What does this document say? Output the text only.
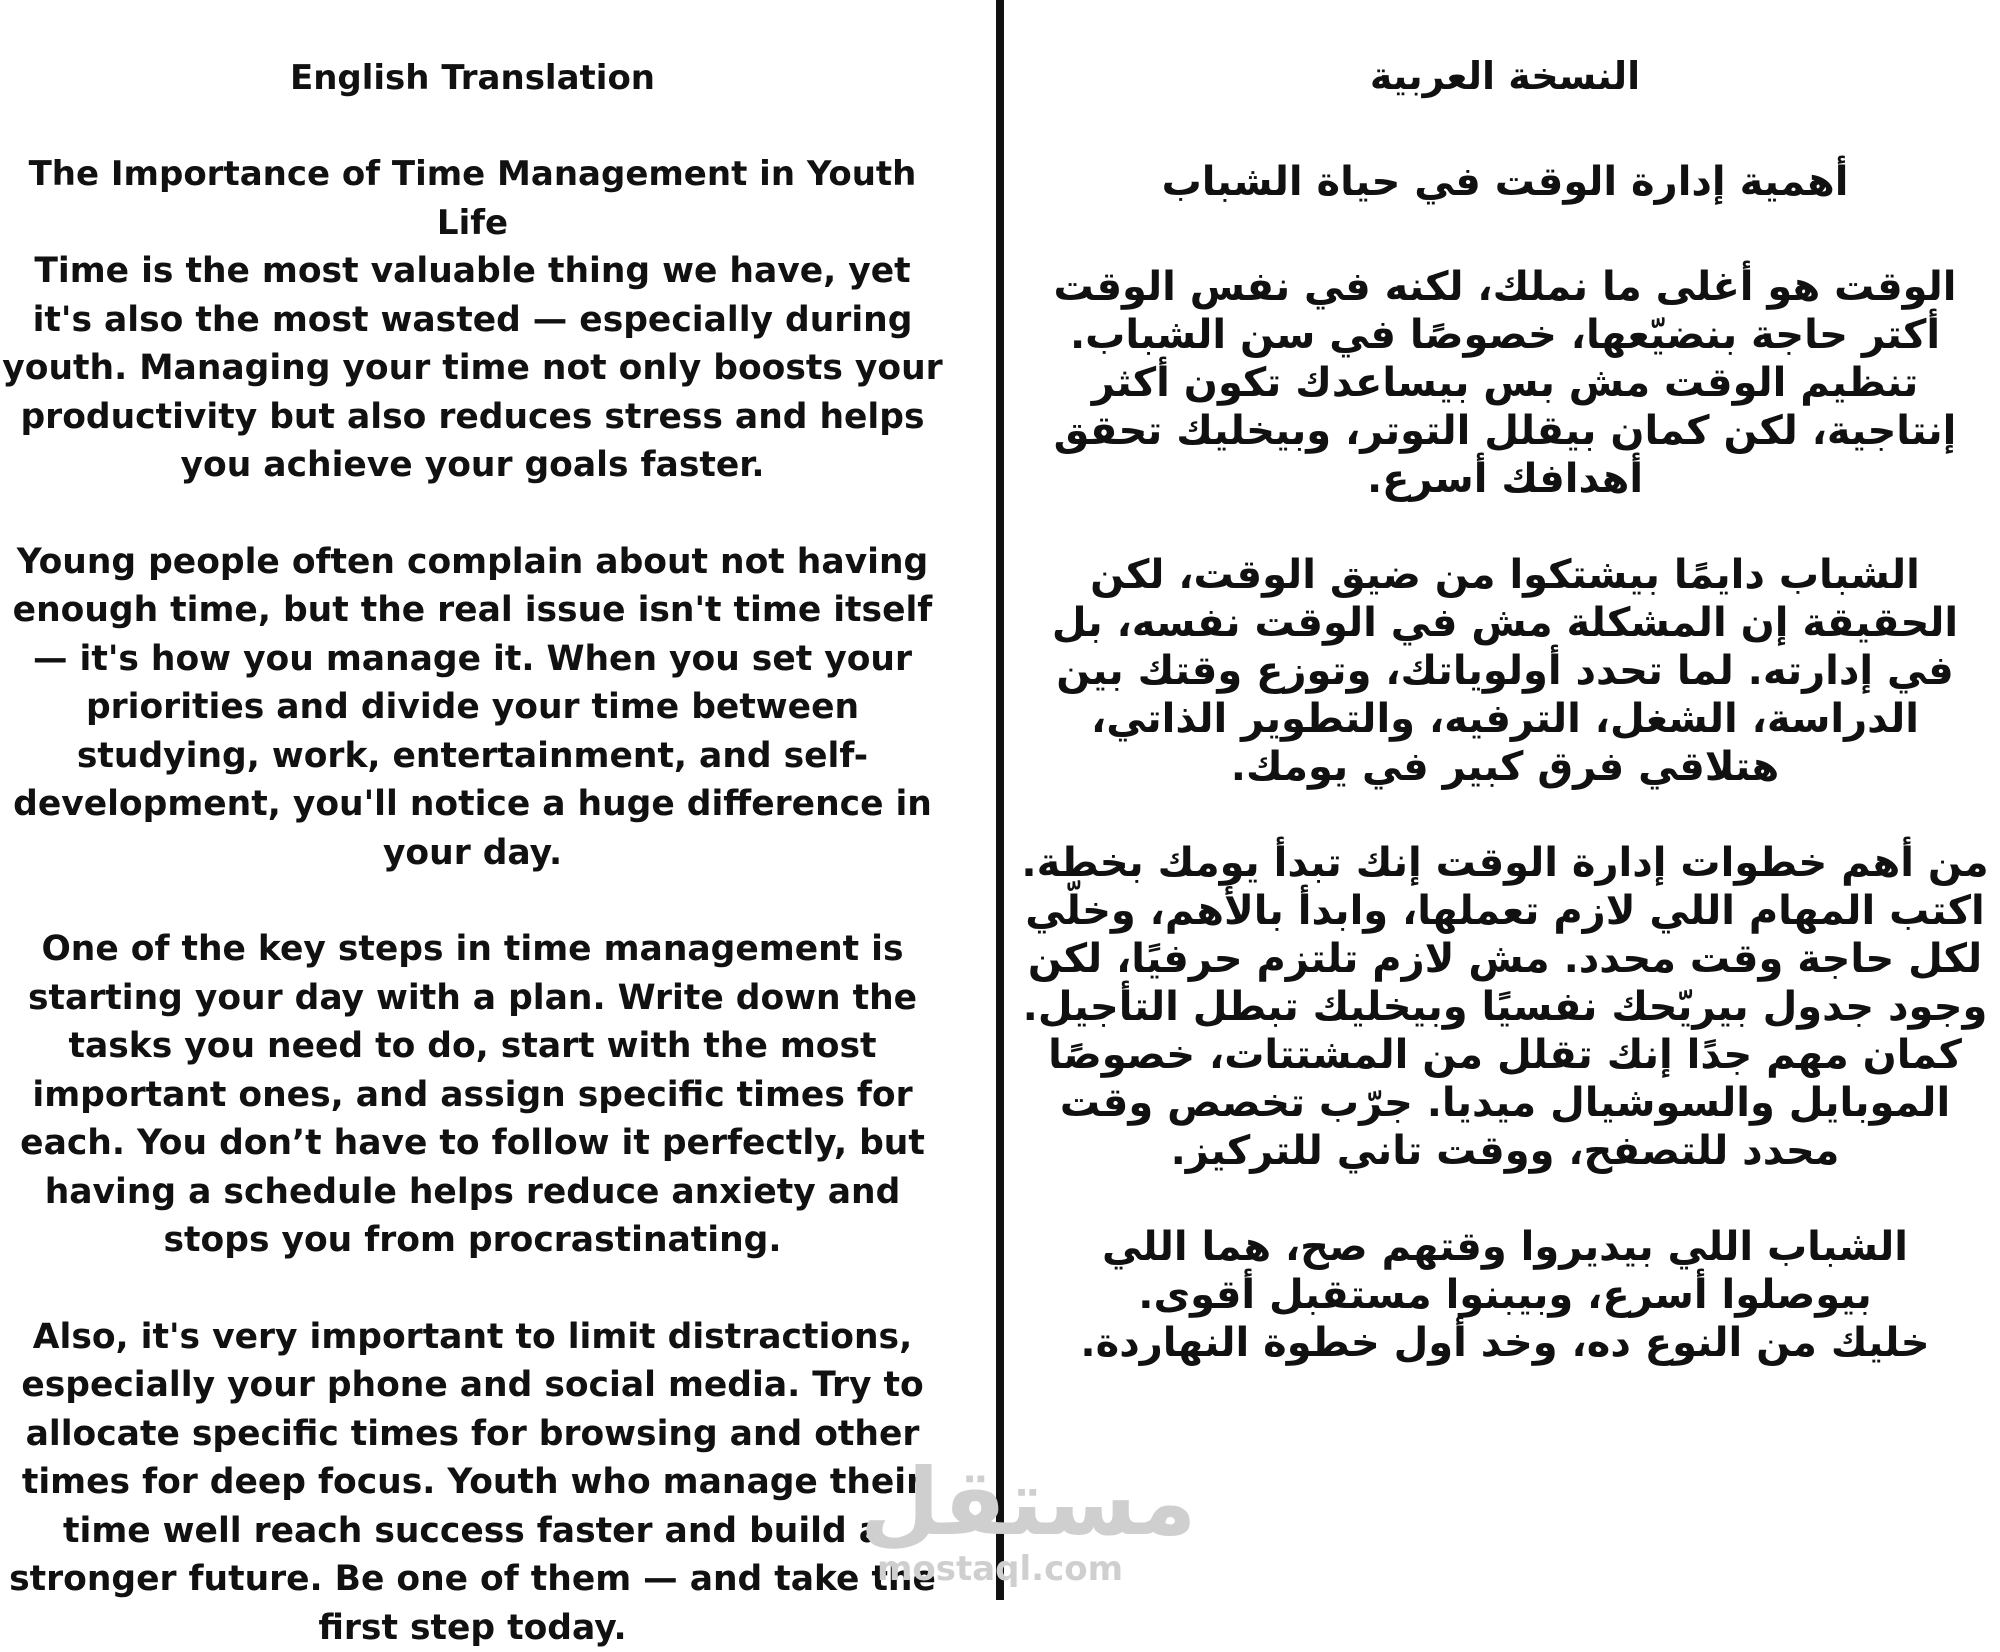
English Translation

The Importance of Time Management in Youth Life

Time is the most valuable thing we have, yet it's also the most wasted — especially during youth. Managing your time not only boosts your productivity but also reduces stress and helps you achieve your goals faster.

Young people often complain about not having enough time, but the real issue isn't time itself — it's how you manage it. When you set your priorities and divide your time between studying, work, entertainment, and self-development, you'll notice a huge difference in your day.

One of the key steps in time management is starting your day with a plan. Write down the tasks you need to do, start with the most important ones, and assign specific times for each. You don’t have to follow it perfectly, but having a schedule helps reduce anxiety and stops you from procrastinating.

Also, it's very important to limit distractions, especially your phone and social media. Try to allocate specific times for browsing and other times for deep focus. Youth who manage their time well reach success faster and build a stronger future. Be one of them — and take the first step today.

النسخة العربية

أهمية إدارة الوقت في حياة الشباب

الوقت هو أغلى ما نملك، لكنه في نفس الوقت أكتر حاجة بنضيّعها، خصوصًا في سن الشباب. تنظيم الوقت مش بس بيساعدك تكون أكثر إنتاجية، لكن كمان بيقلل التوتر، وبيخليك تحقق أهدافك أسرع.

الشباب دايمًا بيشتكوا من ضيق الوقت، لكن الحقيقة إن المشكلة مش في الوقت نفسه، بل في إدارته. لما تحدد أولوياتك، وتوزع وقتك بين الدراسة، الشغل، الترفيه، والتطوير الذاتي، هتلاقي فرق كبير في يومك.

من أهم خطوات إدارة الوقت إنك تبدأ يومك بخطة. اكتب المهام اللي لازم تعملها، وابدأ بالأهم، وخلّي لكل حاجة وقت محدد. مش لازم تلتزم حرفيًا، لكن وجود جدول بيريّحك نفسيًا وبيخليك تبطل التأجيل.

كمان مهم جدًا إنك تقلل من المشتتات، خصوصًا الموبايل والسوشيال ميديا. جرّب تخصص وقت محدد للتصفح، ووقت تاني للتركيز.

الشباب اللي بيديروا وقتهم صح، هما اللي بيوصلوا أسرع، وبيبنوا مستقبل أقوى.

خليك من النوع ده، وخد أول خطوة النهاردة.

مستقل
mostaql.com
